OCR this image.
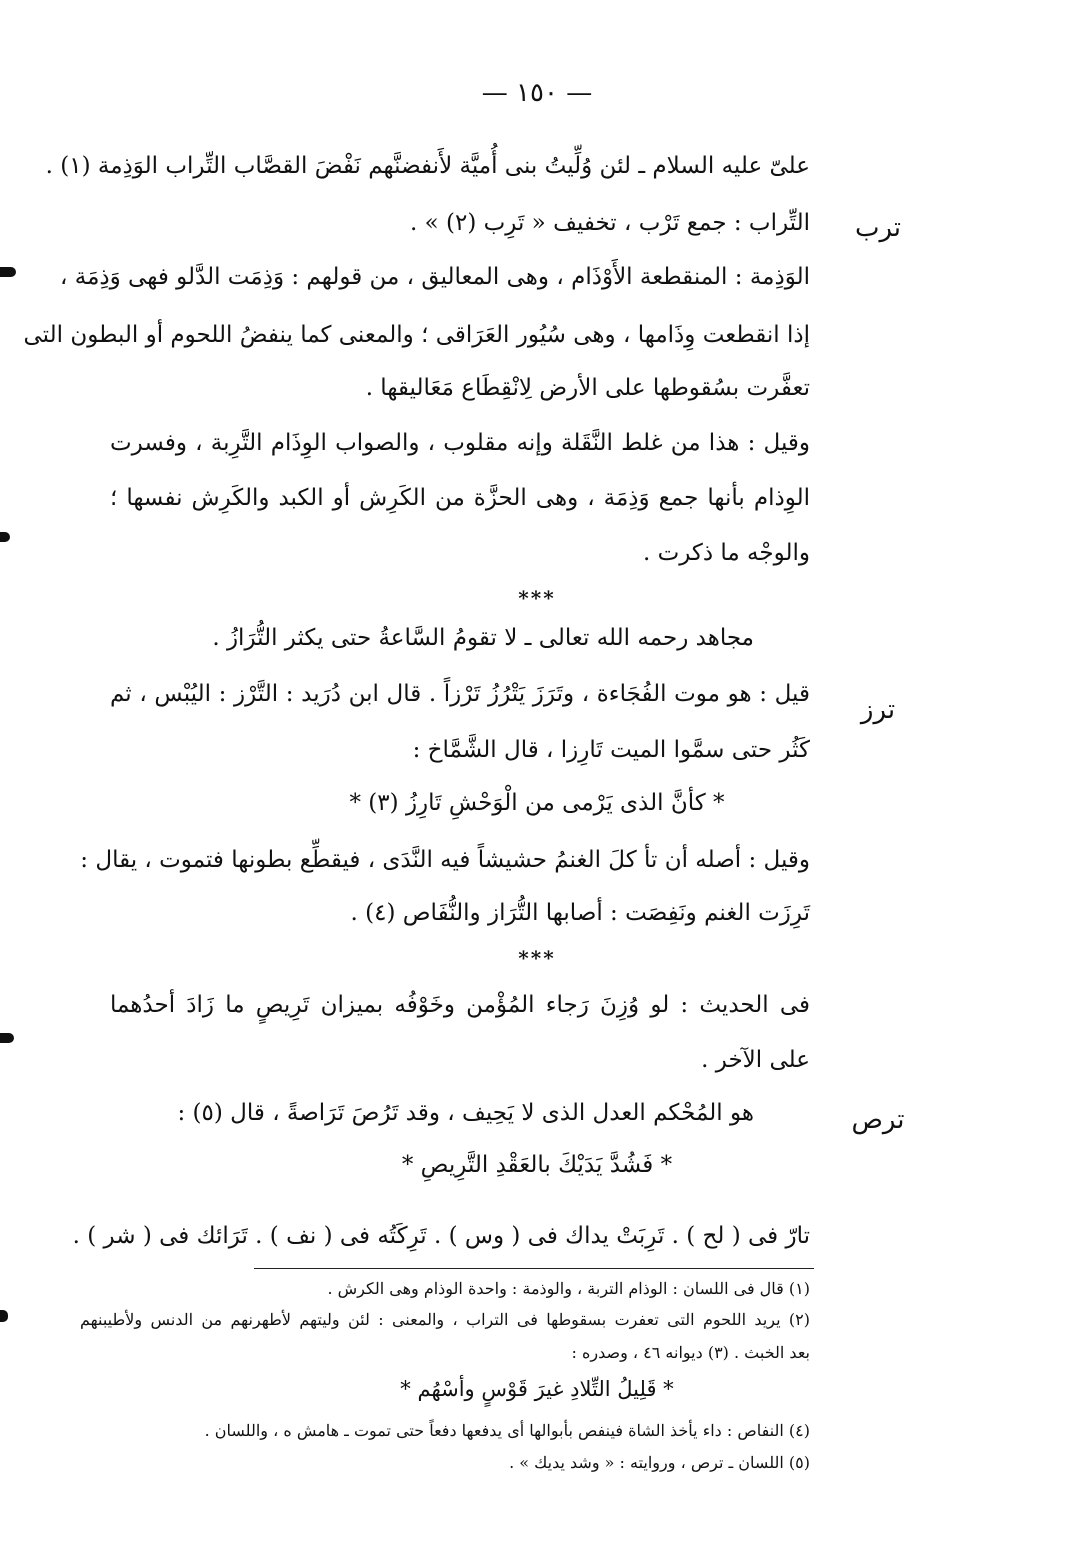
— ١٥٠ —
ترب
ترز
ترص
علىّ عليه السلام ـ لئن وُلِّيتُ بنى أُميَّة لأَنفضنَّهم نَفْضَ القصَّاب التِّراب الوَذِمة (١) .
التِّراب : جمع تَرْب ، تخفيف « تَرِب (٢) » .
الوَذِمة : المنقطعة الأَوْذَام ، وهى المعاليق ، من قولهم : وَذِمَت الدَّلو فهى وَذِمَة ،
إذا انقطعت وِذَامها ، وهى سُيُور العَرَاقى ؛ والمعنى كما ينفضُ اللحوم أو البطون التى
تعفَّرت بسُقوطها على الأرض لِانْقِطَاع مَعَاليقها .
وقيل : هذا من غلط النَّقَلة وإنه مقلوب ، والصواب الوِذَام التَّرِبة ، وفسرت
الوِذام بأنها جمع وَذِمَة ، وهى الحزَّة من الكَرِش أو الكبد والكَرِش نفسها ؛
والوجْه ما ذكرت .
***
مجاهد رحمه الله تعالى ـ لا تقومُ السَّاعةُ حتى يكثر التُّرَازُ .
قيل : هو موت الفُجَاءة ، وتَرَزَ يَتْرُزُ تَرْزاً . قال ابن دُرَيد : التَّرْز : اليُبْس ، ثم
كَثُر حتى سمَّوا الميت تَارِزا ، قال الشَّمَّاخ :
* كأنَّ الذى يَرْمى من الْوَحْشِ تَارِزُ (٣) *
وقيل : أصله أن تأ كلَ الغنمُ حشيشاً فيه النَّدَى ، فيقطِّع بطونها فتموت ، يقال :
تَرِزَت الغنم ونَفِصَت : أصابها التُّرَاز والنُّفَاص (٤) .
***
فى الحديث : لو وُزِنَ رَجاء المُؤْمن وخَوْفُه بميزان تَرِيصٍ ما زَادَ أحدُهما
على الآخر .
هو المُحْكم العدل الذى لا يَحِيف ، وقد تَرُصَ تَرَاصةً ، قال (٥) :
* فَشُدَّ يَدَيْكَ بالعَقْدِ التَّرِيصِ *
تارّ فى ( لح ) . تَرِبَتْ يداك فى ( وس ) . تَرِكَتُه فى ( نف ) . تَرَائك فى ( شر ) .
(١) قال فى اللسان : الوذام التربة ، والوذمة : واحدة الوذام وهى الكرش .
(٢) يريد اللحوم التى تعفرت بسقوطها فى التراب ، والمعنى : لئن وليتهم لأطهرنهم من الدنس ولأطيبنهم
بعد الخبث . (٣) ديوانه ٤٦ ، وصدره :
* قَلِيلُ التِّلادِ غيرَ قَوْسٍ وأسْهُم *
(٤) النفاص : داء يأخذ الشاة فينفص بأبوالها أى يدفعها دفعاً حتى تموت ـ هامش ه ، واللسان .
(٥) اللسان ـ ترص ، وروايته : « وشد يديك » .
